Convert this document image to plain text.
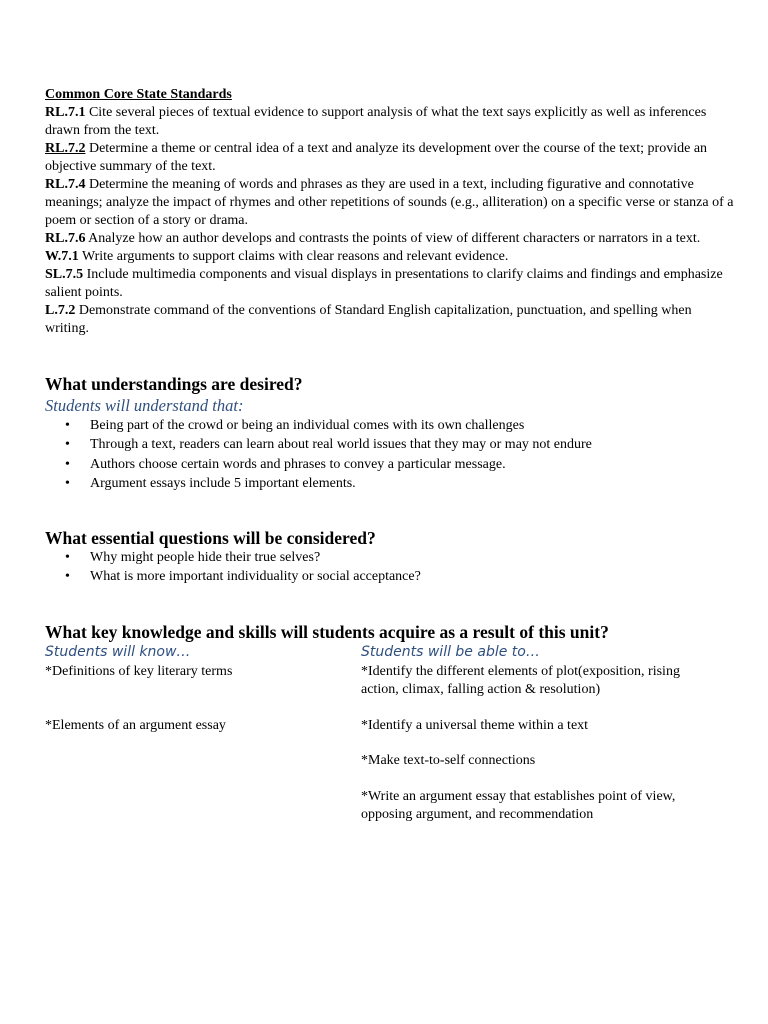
Common Core State Standards
RL.7.1 Cite several pieces of textual evidence to support analysis of what the text says explicitly as well as inferences drawn from the text.
RL.7.2 Determine a theme or central idea of a text and analyze its development over the course of the text; provide an objective summary of the text.
RL.7.4 Determine the meaning of words and phrases as they are used in a text, including figurative and connotative meanings; analyze the impact of rhymes and other repetitions of sounds (e.g., alliteration) on a specific verse or stanza of a poem or section of a story or drama.
RL.7.6 Analyze how an author develops and contrasts the points of view of different characters or narrators in a text.
W.7.1 Write arguments to support claims with clear reasons and relevant evidence.
SL.7.5 Include multimedia components and visual displays in presentations to clarify claims and findings and emphasize salient points.
L.7.2 Demonstrate command of the conventions of Standard English capitalization, punctuation, and spelling when writing.
What understandings are desired?
Students will understand that:
• Being part of the crowd or being an individual comes with its own challenges
• Through a text, readers can learn about real world issues that they may or may not endure
• Authors choose certain words and phrases to convey a particular message.
• Argument essays include 5 important elements.
What essential questions will be considered?
• Why might people hide their true selves?
• What is more important individuality or social acceptance?
What key knowledge and skills will students acquire as a result of this unit?
Students will know…
*Definitions of key literary terms
*Elements of an argument essay
Students will be able to…
*Identify the different elements of plot(exposition, rising action, climax, falling action & resolution)
*Identify a universal theme within a text
*Make text-to-self connections
*Write an argument essay that establishes point of view, opposing argument, and recommendation
